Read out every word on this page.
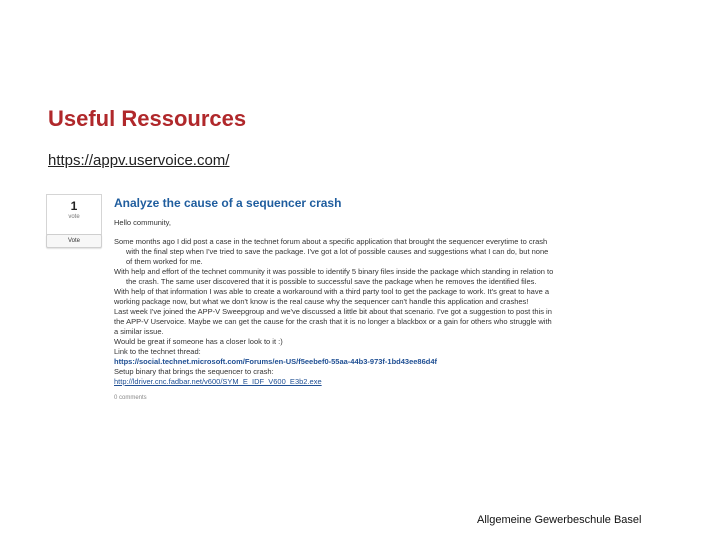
Useful Ressources
https://appv.uservoice.com/
1
vote
Vote
Analyze the cause of a sequencer crash
Hello community,
Some months ago I did post a case in the technet forum about a specific application that brought the sequencer everytime to crash with the final step when I've tried to save the package. I've got a lot of possible causes and suggestions what I can do, but none of them worked for me.
With help and effort of the technet community it was possible to identify 5 binary files inside the package which standing in relation to the crash. The same user discovered that it is possible to successful save the package when he removes the identified files.
With help of that information I was able to create a workaround with a third party tool to get the package to work. It's great to have a working package now, but what we don't know is the real cause why the sequencer can't handle this application and crashes!
Last week I've joined the APP-V Sweepgroup and we've discussed a little bit about that scenario. I've got a suggestion to post this in the APP-V Uservoice. Maybe we can get the cause for the crash that it is no longer a blackbox or a gain for others who struggle with a similar issue.
Would be great if someone has a closer look to it :)
Link to the technet thread:
https://social.technet.microsoft.com/Forums/en-US/f5eebef0-55aa-44b3-973f-1bd43ee86d4f
Setup binary that brings the sequencer to crash:
http://ldriver.cnc.fadbar.net/v600/SYM_E_IDF_V600_E3b2.exe
0 comments
Allgemeine Gewerbeschule Basel
